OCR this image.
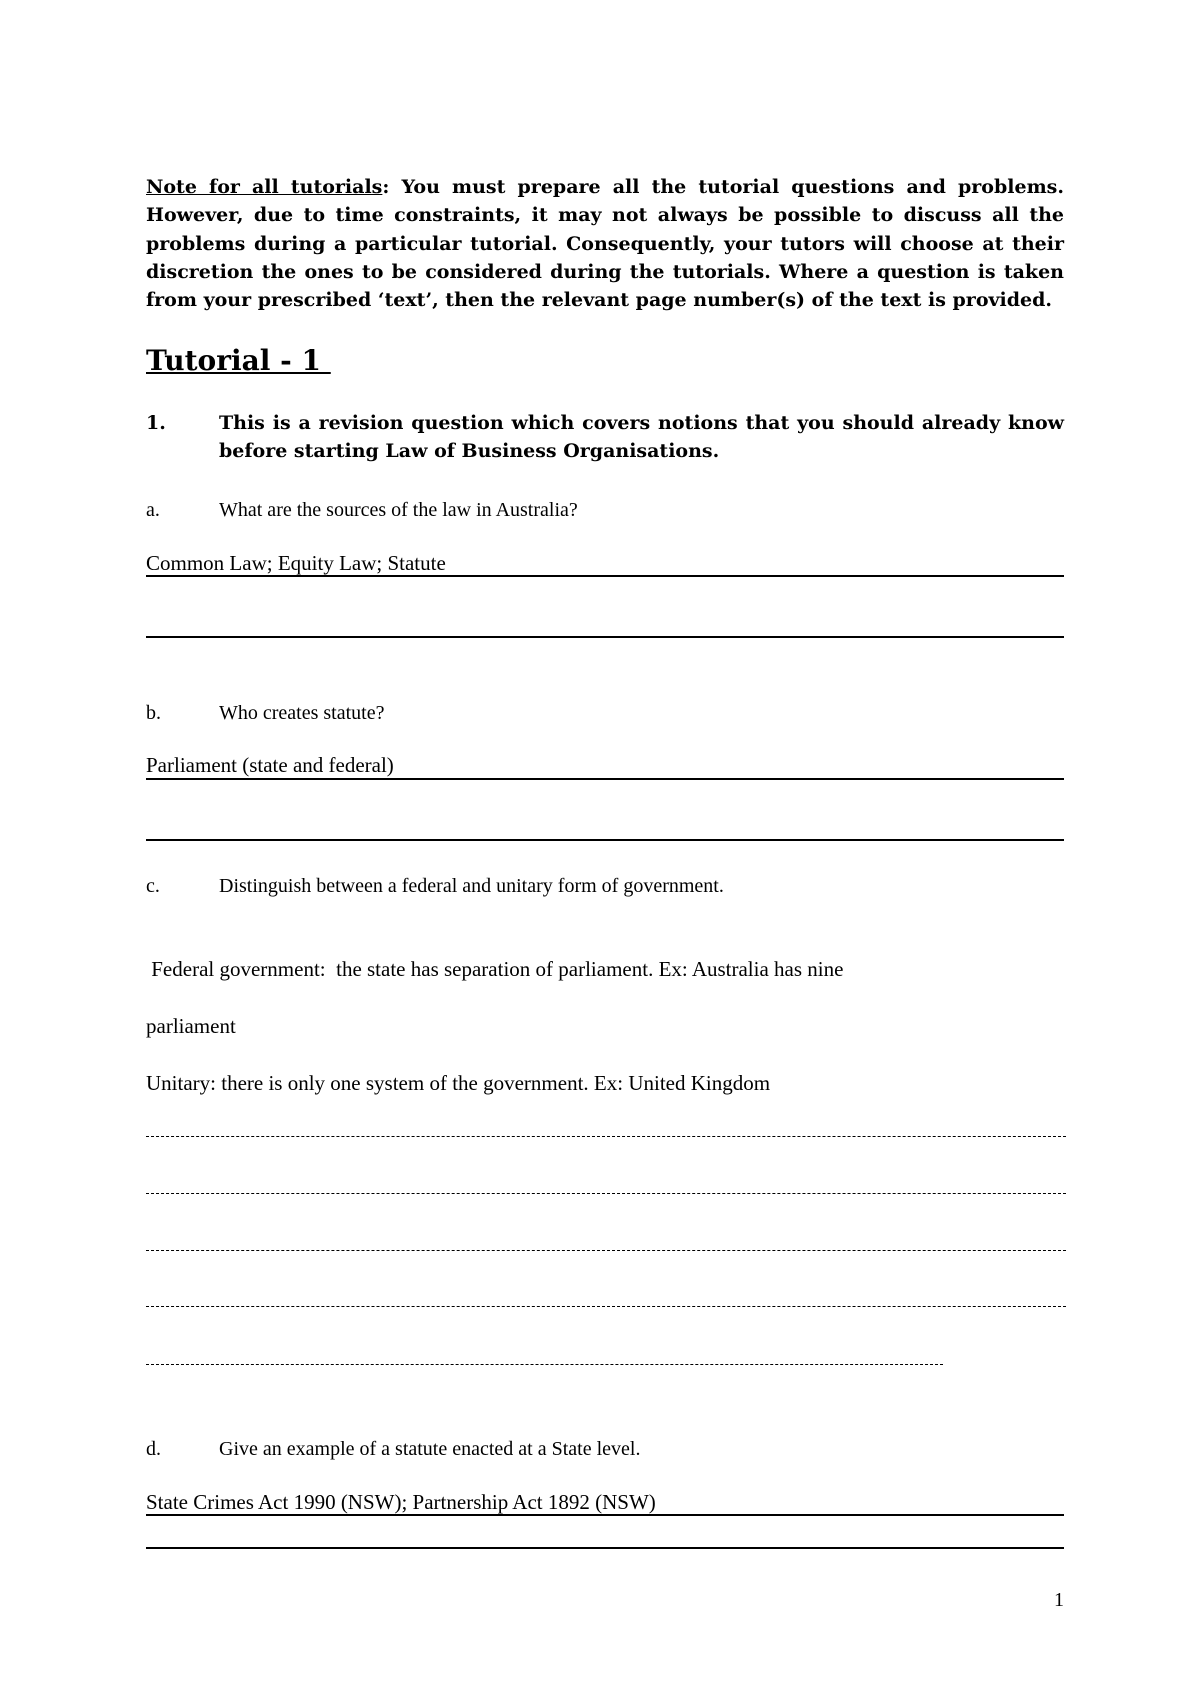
Note for all tutorials: You must prepare all the tutorial questions and problems. However, due to time constraints, it may not always be possible to discuss all the problems during a particular tutorial. Consequently, your tutors will choose at their discretion the ones to be considered during the tutorials. Where a question is taken from your prescribed ‘text’, then the relevant page number(s) of the text is provided.
Tutorial - 1
1.	This is a revision question which covers notions that you should already know before starting Law of Business Organisations.
a.	What are the sources of the law in Australia?
Common Law; Equity Law; Statute
b.	Who creates statute?
Parliament (state and federal)
c.	Distinguish between a federal and unitary form of government.
Federal government:  the state has separation of parliament. Ex: Australia has nine
parliament
Unitary: there is only one system of the government. Ex: United Kingdom
d.	Give an example of a statute enacted at a State level.
State Crimes Act 1990 (NSW); Partnership Act 1892 (NSW)
1
